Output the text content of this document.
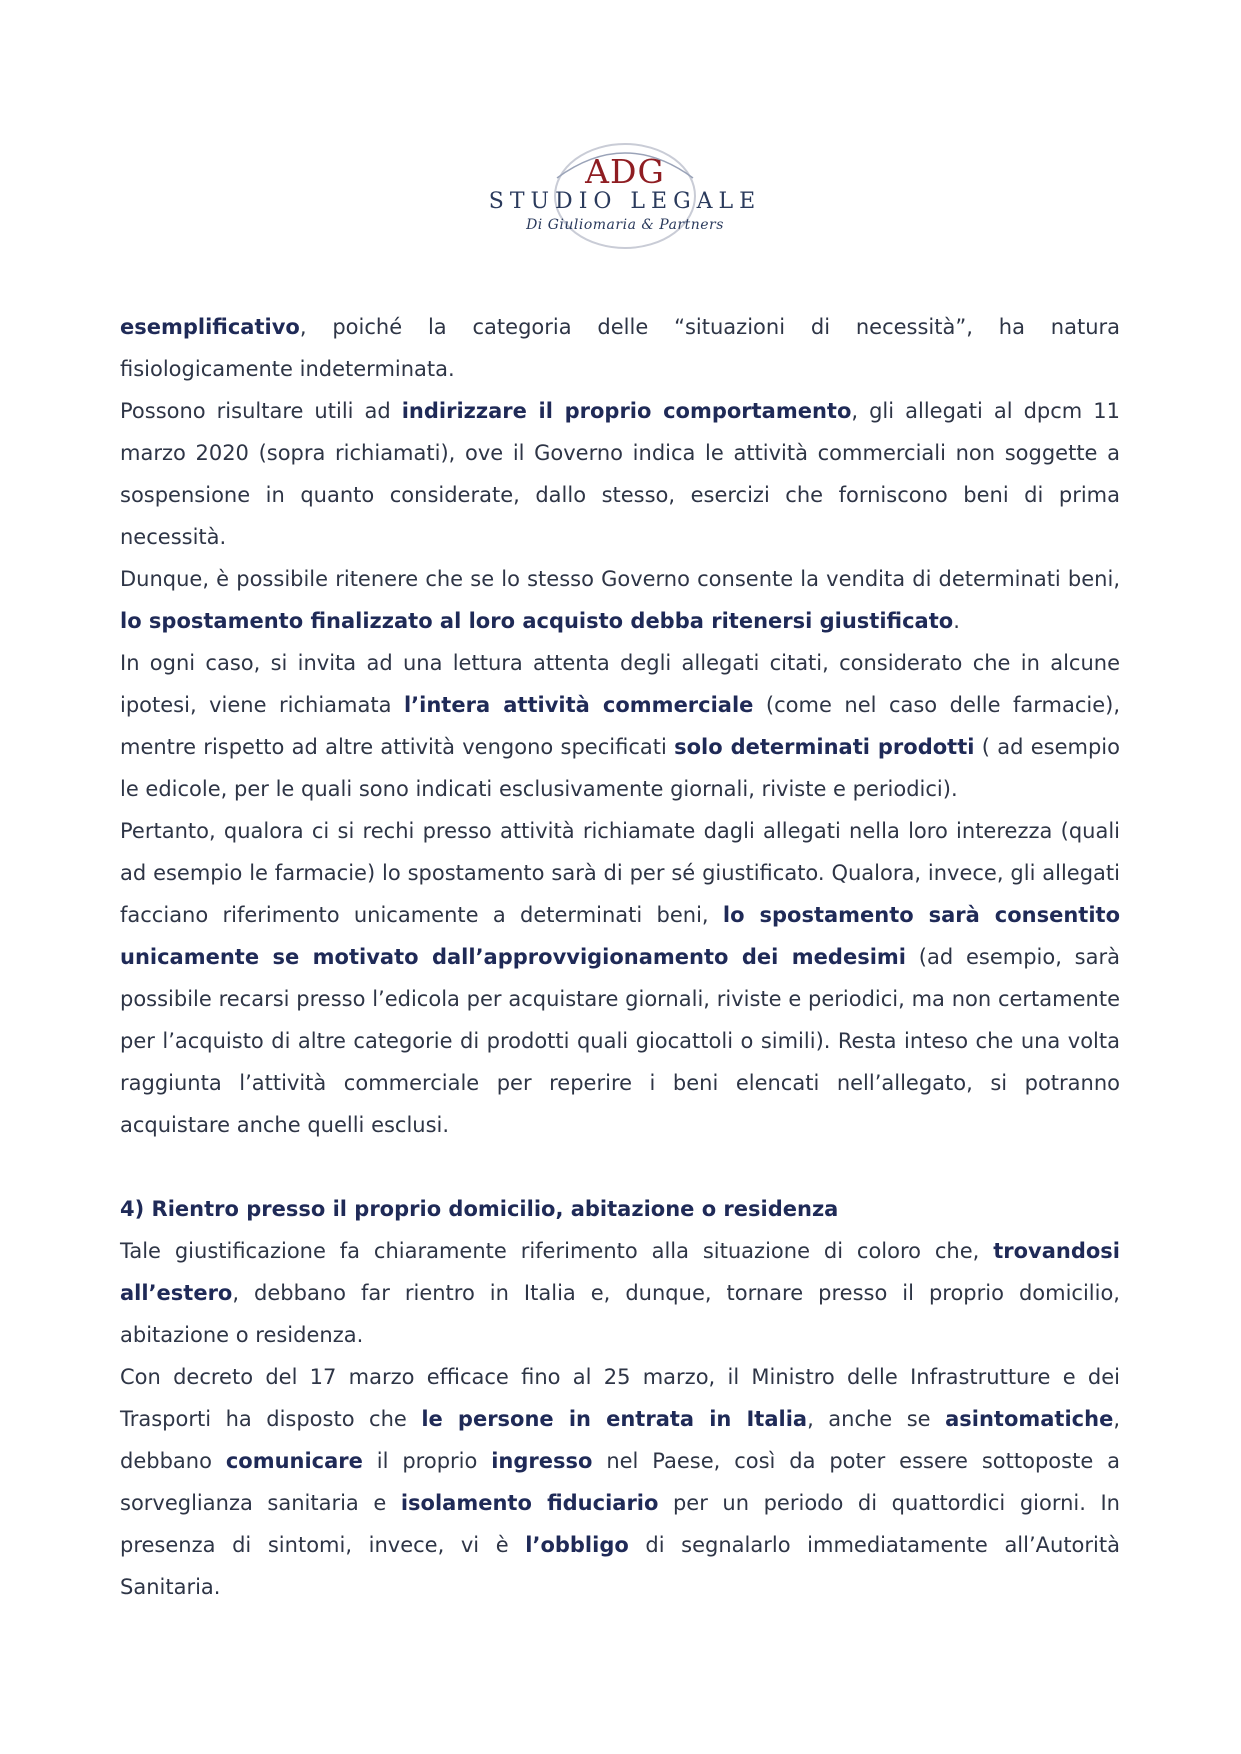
ADG
STUDIO LEGALE
Di Giuliomaria & Partners

esemplificativo, poiché la categoria delle “situazioni di necessità”, ha natura fisiologicamente indeterminata.

Possono risultare utili ad indirizzare il proprio comportamento, gli allegati al dpcm 11 marzo 2020 (sopra richiamati), ove il Governo indica le attività commerciali non soggette a sospensione in quanto considerate, dallo stesso, esercizi che forniscono beni di prima necessità.

Dunque, è possibile ritenere che se lo stesso Governo consente la vendita di determinati beni, lo spostamento finalizzato al loro acquisto debba ritenersi giustificato.

In ogni caso, si invita ad una lettura attenta degli allegati citati, considerato che in alcune ipotesi, viene richiamata l’intera attività commerciale (come nel caso delle farmacie), mentre rispetto ad altre attività vengono specificati solo determinati prodotti ( ad esempio le edicole, per le quali sono indicati esclusivamente giornali, riviste e periodici).

Pertanto, qualora ci si rechi presso attività richiamate dagli allegati nella loro interezza (quali ad esempio le farmacie) lo spostamento sarà di per sé giustificato. Qualora, invece, gli allegati facciano riferimento unicamente a determinati beni, lo spostamento sarà consentito unicamente se motivato dall’approvvigionamento dei medesimi (ad esempio, sarà possibile recarsi presso l’edicola per acquistare giornali, riviste e periodici, ma non certamente per l’acquisto di altre categorie di prodotti quali giocattoli o simili). Resta inteso che una volta raggiunta l’attività commerciale per reperire i beni elencati nell’allegato, si potranno acquistare anche quelli esclusi.

4) Rientro presso il proprio domicilio, abitazione o residenza

Tale giustificazione fa chiaramente riferimento alla situazione di coloro che, trovandosi all’estero, debbano far rientro in Italia e, dunque, tornare presso il proprio domicilio, abitazione o residenza.

Con decreto del 17 marzo efficace fino al 25 marzo, il Ministro delle Infrastrutture e dei Trasporti ha disposto che le persone in entrata in Italia, anche se asintomatiche, debbano comunicare il proprio ingresso nel Paese, così da poter essere sottoposte a sorveglianza sanitaria e isolamento fiduciario per un periodo di quattordici giorni. In presenza di sintomi, invece, vi è l’obbligo di segnalarlo immediatamente all’Autorità Sanitaria.
